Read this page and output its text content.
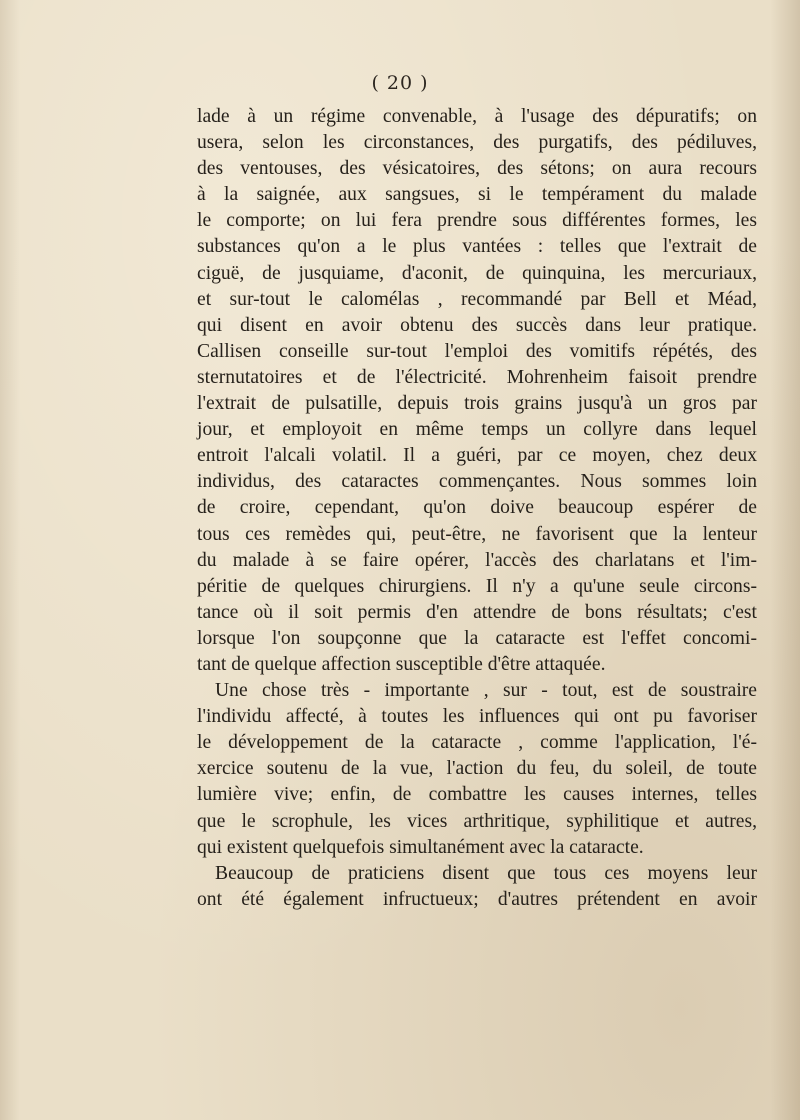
( 20 )
lade à un régime convenable, à l'usage des dépuratifs; on
usera, selon les circonstances, des purgatifs, des pédiluves,
des ventouses, des vésicatoires, des sétons; on aura recours
à la saignée, aux sangsues, si le tempérament du malade
le comporte; on lui fera prendre sous différentes formes, les
substances qu'on a le plus vantées : telles que l'extrait de
ciguë, de jusquiame, d'aconit, de quinquina, les mercuriaux,
et sur-tout le calomélas , recommandé par Bell et Méad,
qui disent en avoir obtenu des succès dans leur pratique.
Callisen conseille sur-tout l'emploi des vomitifs répétés, des
sternutatoires et de l'électricité. Mohrenheim faisoit prendre
l'extrait de pulsatille, depuis trois grains jusqu'à un gros par
jour, et employoit en même temps un collyre dans lequel
entroit l'alcali volatil. Il a guéri, par ce moyen, chez deux
individus, des cataractes commençantes. Nous sommes loin
de croire, cependant, qu'on doive beaucoup espérer de
tous ces remèdes qui, peut-être, ne favorisent que la lenteur
du malade à se faire opérer, l'accès des charlatans et l'im-
péritie de quelques chirurgiens. Il n'y a qu'une seule circons-
tance où il soit permis d'en attendre de bons résultats; c'est
lorsque l'on soupçonne que la cataracte est l'effet concomi-
tant de quelque affection susceptible d'être attaquée.
Une chose très - importante , sur - tout, est de soustraire
l'individu affecté, à toutes les influences qui ont pu favoriser
le développement de la cataracte , comme l'application, l'é-
xercice soutenu de la vue, l'action du feu, du soleil, de toute
lumière vive; enfin, de combattre les causes internes, telles
que le scrophule, les vices arthritique, syphilitique et autres,
qui existent quelquefois simultanément avec la cataracte.
Beaucoup de praticiens disent que tous ces moyens leur
ont été également infructueux; d'autres prétendent en avoir
